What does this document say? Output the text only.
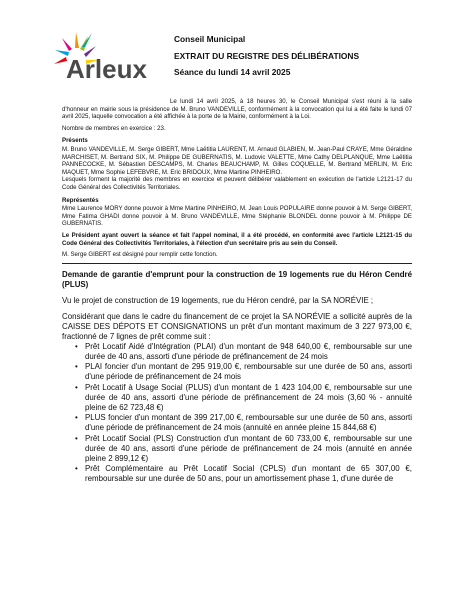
Arleux
Conseil Municipal
EXTRAIT DU REGISTRE DES DÉLIBÉRATIONS
Séance du lundi 14 avril 2025

Le lundi 14 avril 2025, à 18 heures 30, le Conseil Municipal s'est réuni à la salle d'honneur en mairie sous la présidence de M. Bruno VANDEVILLE, conformément à la convocation qui lui a été faite le lundi 07 avril 2025, laquelle convocation a été affichée à la porte de la Mairie, conformément à la Loi.

Nombre de membres en exercice : 23.

Présents

M. Bruno VANDEVILLE, M. Serge GIBERT, Mme Laëtitia LAURENT, M. Arnaud GLABIEN, M. Jean-Paul CRAYE, Mme Géraldine MARCHISET, M. Bertrand SIX, M. Philippe DE GUBERNATIS, M. Ludovic VALETTE, Mme Cathy DELPLANQUE, Mme Laëtitia PANNECOCKE, M. Sébastien DESCAMPS, M. Charles BEAUCHAMP, M. Gilles COQUELLE, M. Bertrand MERLIN, M. Eric MAQUET, Mme Sophie LEFEBVRE, M. Eric BRIDOUX, Mme Martine PINHEIRO.

Lesquels forment la majorité des membres en exercice et peuvent délibérer valablement en exécution de l'article L2121-17 du Code Général des Collectivités Territoriales.

Représentés

Mme Laurence MORY donne pouvoir à Mme Martine PINHEIRO, M. Jean Louis POPULAIRE donne pouvoir à M. Serge GIBERT, Mme Fatima GHADI donne pouvoir à M. Bruno VANDEVILLE, Mme Stéphanie BLONDEL donne pouvoir à M. Philippe DE GUBERNATIS.

Le Président ayant ouvert la séance et fait l'appel nominal, il a été procédé, en conformité avec l'article L2121-15 du Code Général des Collectivités Territoriales, à l'élection d'un secrétaire pris au sein du Conseil.

M. Serge GIBERT est désigné pour remplir cette fonction.

Demande de garantie d'emprunt pour la construction de 19 logements rue du Héron Cendré (PLUS)

Vu le projet de construction de 19 logements, rue du Héron cendré, par la SA NORÉVIE ;

Considérant que dans le cadre du financement de ce projet la SA NORÉVIE a sollicité auprès de la CAISSE DES DÉPOTS ET CONSIGNATIONS un prêt d'un montant maximum de 3 227 973,00 €, fractionné de 7 lignes de prêt comme suit :

• Prêt Locatif Aidé d'Intégration (PLAI) d'un montant de 948 640,00 €, remboursable sur une durée de 40 ans, assorti d'une période de préfinancement de 24 mois
• PLAI foncier d'un montant de 295 919,00 €, remboursable sur une durée de 50 ans, assorti d'une période de préfinancement de 24 mois
• Prêt Locatif à Usage Social (PLUS) d'un montant de 1 423 104,00 €, remboursable sur une durée de 40 ans, assorti d'une période de préfinancement de 24 mois (3,60 % - annuité pleine de 62 723,48 €)
• PLUS foncier d'un montant de 399 217,00 €, remboursable sur une durée de 50 ans, assorti d'une période de préfinancement de 24 mois (annuité en année pleine 15 844,68 €)
• Prêt Locatif Social (PLS) Construction d'un montant de 60 733,00 €, remboursable sur une durée de 40 ans, assorti d'une période de préfinancement de 24 mois (annuité en année pleine 2 899,12 €)
• Prêt Complémentaire au Prêt Locatif Social (CPLS) d'un montant de 65 307,00 €, remboursable sur une durée de 50 ans, pour un amortissement phase 1, d'une durée de
